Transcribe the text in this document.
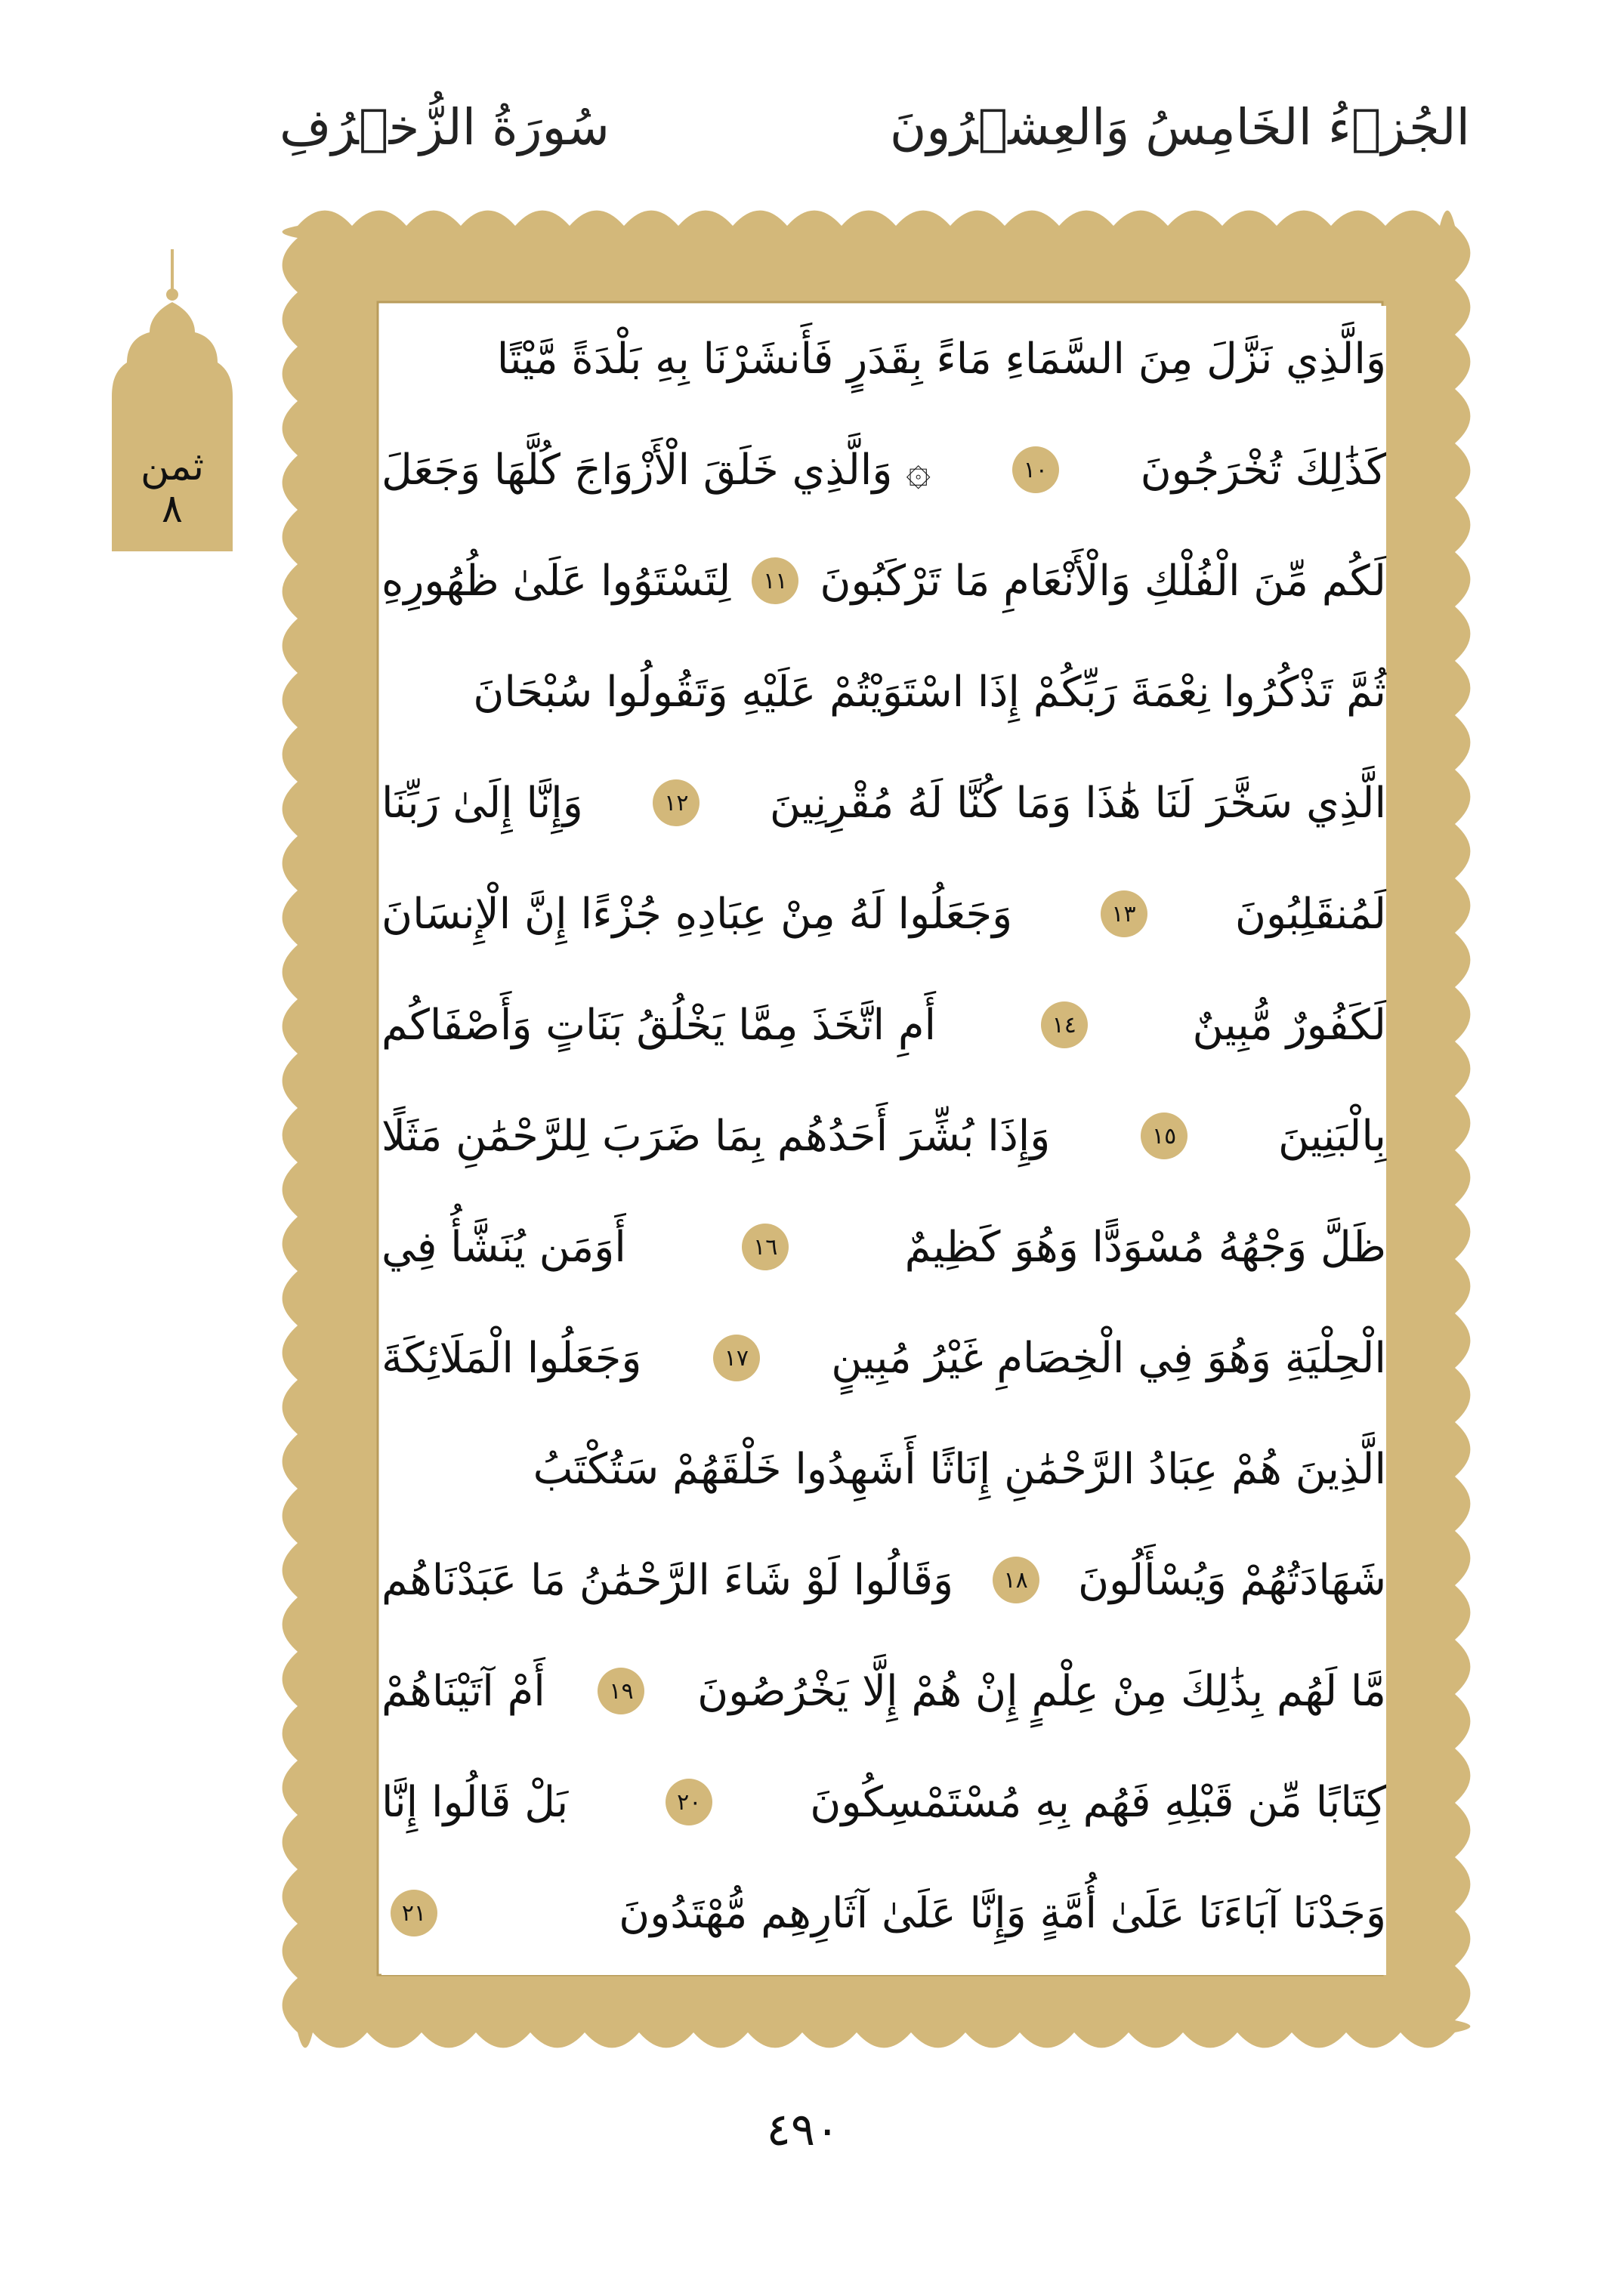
الجُزۡءُ الخَامِسُ وَالعِشۡرُونَ
سُورَةُ الزُّخۡرُفِ
ثمن
٨
وَالَّذِي نَزَّلَ مِنَ السَّمَاءِ مَاءً بِقَدَرٍ فَأَنشَرْنَا بِهِ بَلْدَةً مَّيْتًا
كَذَٰلِكَ تُخْرَجُونَ
١٠
۞ وَالَّذِي خَلَقَ الْأَزْوَاجَ كُلَّهَا وَجَعَلَ
لَكُم مِّنَ الْفُلْكِ وَالْأَنْعَامِ مَا تَرْكَبُونَ
١١
لِتَسْتَوُوا عَلَىٰ ظُهُورِهِ
ثُمَّ تَذْكُرُوا نِعْمَةَ رَبِّكُمْ إِذَا اسْتَوَيْتُمْ عَلَيْهِ وَتَقُولُوا سُبْحَانَ
الَّذِي سَخَّرَ لَنَا هَٰذَا وَمَا كُنَّا لَهُ مُقْرِنِينَ
١٢
وَإِنَّا إِلَىٰ رَبِّنَا
لَمُنقَلِبُونَ
١٣
وَجَعَلُوا لَهُ مِنْ عِبَادِهِ جُزْءًا إِنَّ الْإِنسَانَ
لَكَفُورٌ مُّبِينٌ
١٤
أَمِ اتَّخَذَ مِمَّا يَخْلُقُ بَنَاتٍ وَأَصْفَاكُم
بِالْبَنِينَ
١٥
وَإِذَا بُشِّرَ أَحَدُهُم بِمَا ضَرَبَ لِلرَّحْمَٰنِ مَثَلًا
ظَلَّ وَجْهُهُ مُسْوَدًّا وَهُوَ كَظِيمٌ
١٦
أَوَمَن يُنَشَّأُ فِي
الْحِلْيَةِ وَهُوَ فِي الْخِصَامِ غَيْرُ مُبِينٍ
١٧
وَجَعَلُوا الْمَلَائِكَةَ
الَّذِينَ هُمْ عِبَادُ الرَّحْمَٰنِ إِنَاثًا أَشَهِدُوا خَلْقَهُمْ سَتُكْتَبُ
شَهَادَتُهُمْ وَيُسْأَلُونَ
١٨
وَقَالُوا لَوْ شَاءَ الرَّحْمَٰنُ مَا عَبَدْنَاهُم
مَّا لَهُم بِذَٰلِكَ مِنْ عِلْمٍ إِنْ هُمْ إِلَّا يَخْرُصُونَ
١٩
أَمْ آتَيْنَاهُمْ
كِتَابًا مِّن قَبْلِهِ فَهُم بِهِ مُسْتَمْسِكُونَ
٢٠
بَلْ قَالُوا إِنَّا
وَجَدْنَا آبَاءَنَا عَلَىٰ أُمَّةٍ وَإِنَّا عَلَىٰ آثَارِهِم مُّهْتَدُونَ
٢١
٤٩٠
